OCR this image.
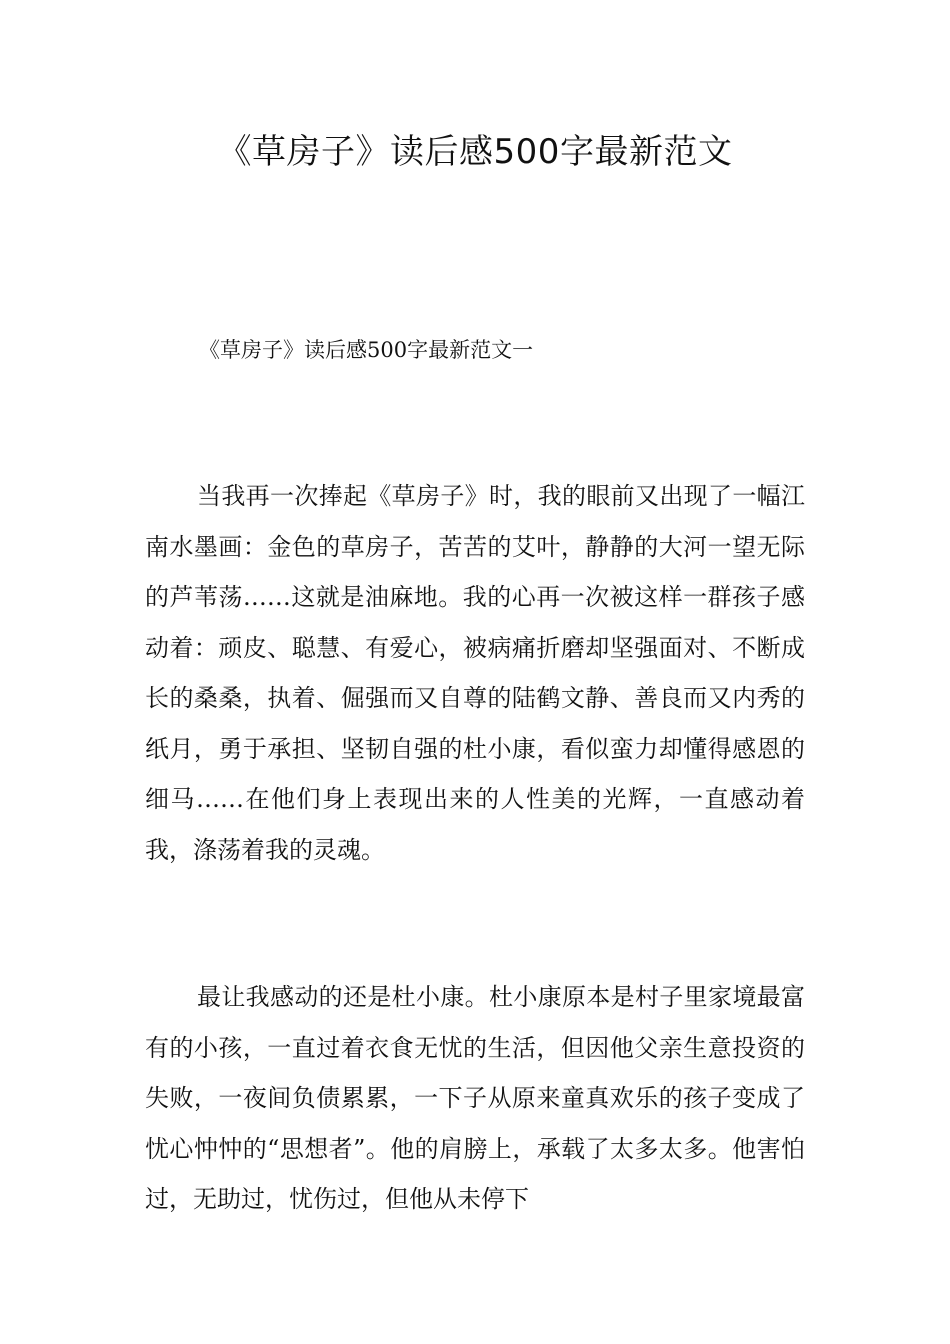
《草房子》读后感500字最新范文

《草房子》读后感500字最新范文一

当我再一次捧起《草房子》时，我的眼前又出现了一幅江南水墨画：金色的草房子，苦苦的艾叶，静静的大河一望无际的芦苇荡……这就是油麻地。我的心再一次被这样一群孩子感动着：顽皮、聪慧、有爱心，被病痛折磨却坚强面对、不断成长的桑桑，执着、倔强而又自尊的陆鹤文静、善良而又内秀的纸月，勇于承担、坚韧自强的杜小康，看似蛮力却懂得感恩的细马……在他们身上表现出来的人性美的光辉，一直感动着我，涤荡着我的灵魂。

最让我感动的还是杜小康。杜小康原本是村子里家境最富有的小孩，一直过着衣食无忧的生活，但因他父亲生意投资的失败，一夜间负债累累，一下子从原来童真欢乐的孩子变成了忧心忡忡的“思想者”。他的肩膀上，承载了太多太多。他害怕过，无助过，忧伤过，但他从未停下
